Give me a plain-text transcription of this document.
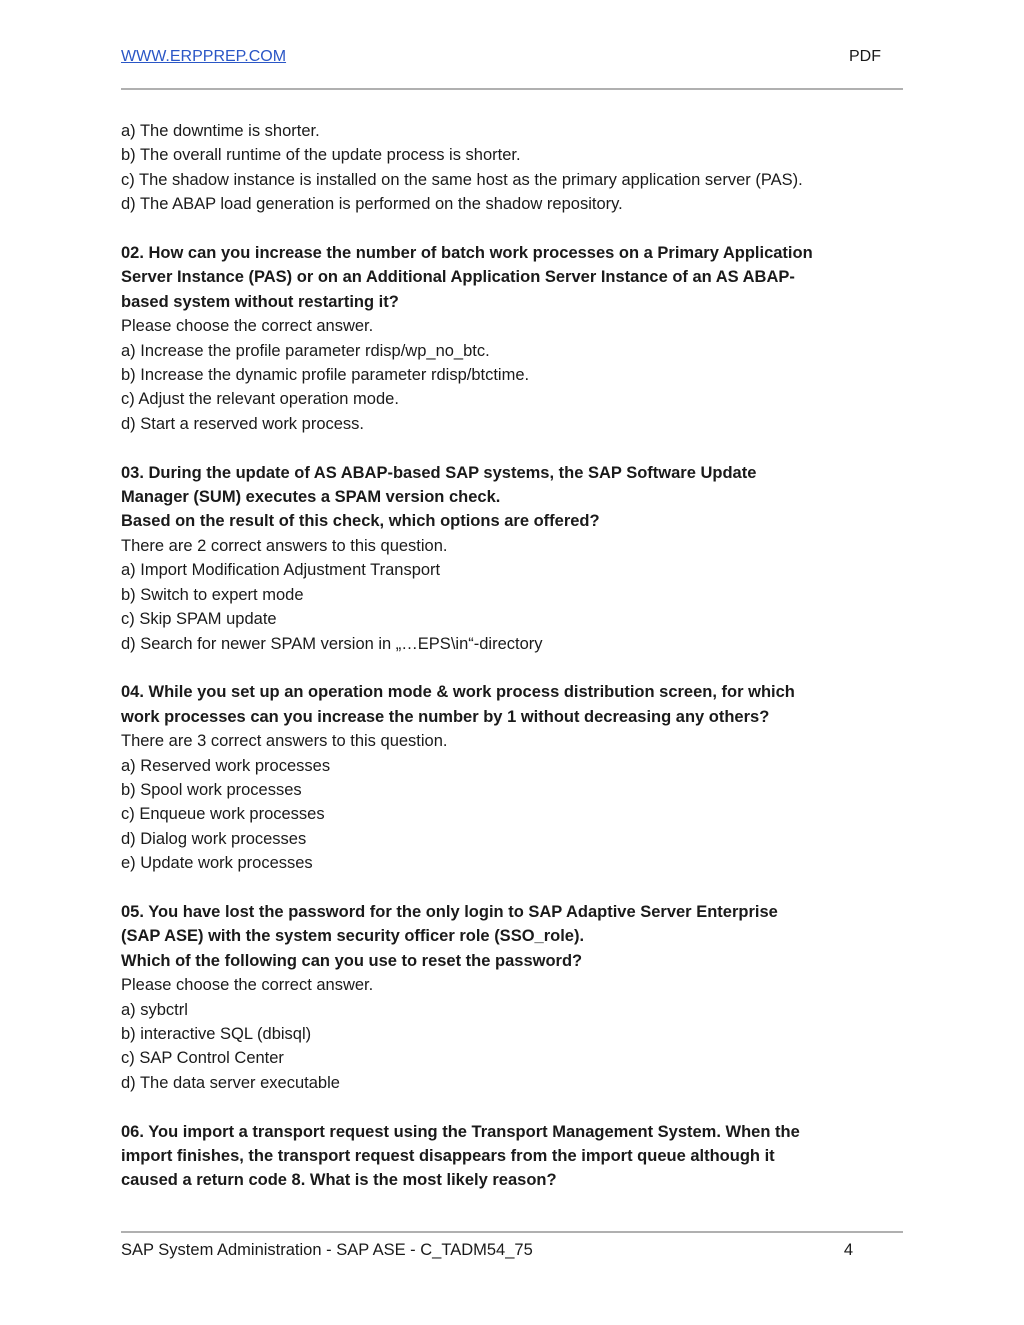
WWW.ERPPREP.COM	PDF
a) The downtime is shorter.
b) The overall runtime of the update process is shorter.
c) The shadow instance is installed on the same host as the primary application server (PAS).
d) The ABAP load generation is performed on the shadow repository.
02. How can you increase the number of batch work processes on a Primary Application
Server Instance (PAS) or on an Additional Application Server Instance of an AS ABAP-
based system without restarting it?
Please choose the correct answer.
a) Increase the profile parameter rdisp/wp_no_btc.
b) Increase the dynamic profile parameter rdisp/btctime.
c) Adjust the relevant operation mode.
d) Start a reserved work process.
03. During the update of AS ABAP-based SAP systems, the SAP Software Update
Manager (SUM) executes a SPAM version check.
Based on the result of this check, which options are offered?
There are 2 correct answers to this question.
a) Import Modification Adjustment Transport
b) Switch to expert mode
c) Skip SPAM update
d) Search for newer SPAM version in „…EPS\in“-directory
04. While you set up an operation mode & work process distribution screen, for which
work processes can you increase the number by 1 without decreasing any others?
There are 3 correct answers to this question.
a) Reserved work processes
b) Spool work processes
c) Enqueue work processes
d) Dialog work processes
e) Update work processes
05. You have lost the password for the only login to SAP Adaptive Server Enterprise
(SAP ASE) with the system security officer role (SSO_role).
Which of the following can you use to reset the password?
Please choose the correct answer.
a) sybctrl
b) interactive SQL (dbisql)
c) SAP Control Center
d) The data server executable
06. You import a transport request using the Transport Management System. When the
import finishes, the transport request disappears from the import queue although it
caused a return code 8. What is the most likely reason?
SAP System Administration - SAP ASE - C_TADM54_75	4
